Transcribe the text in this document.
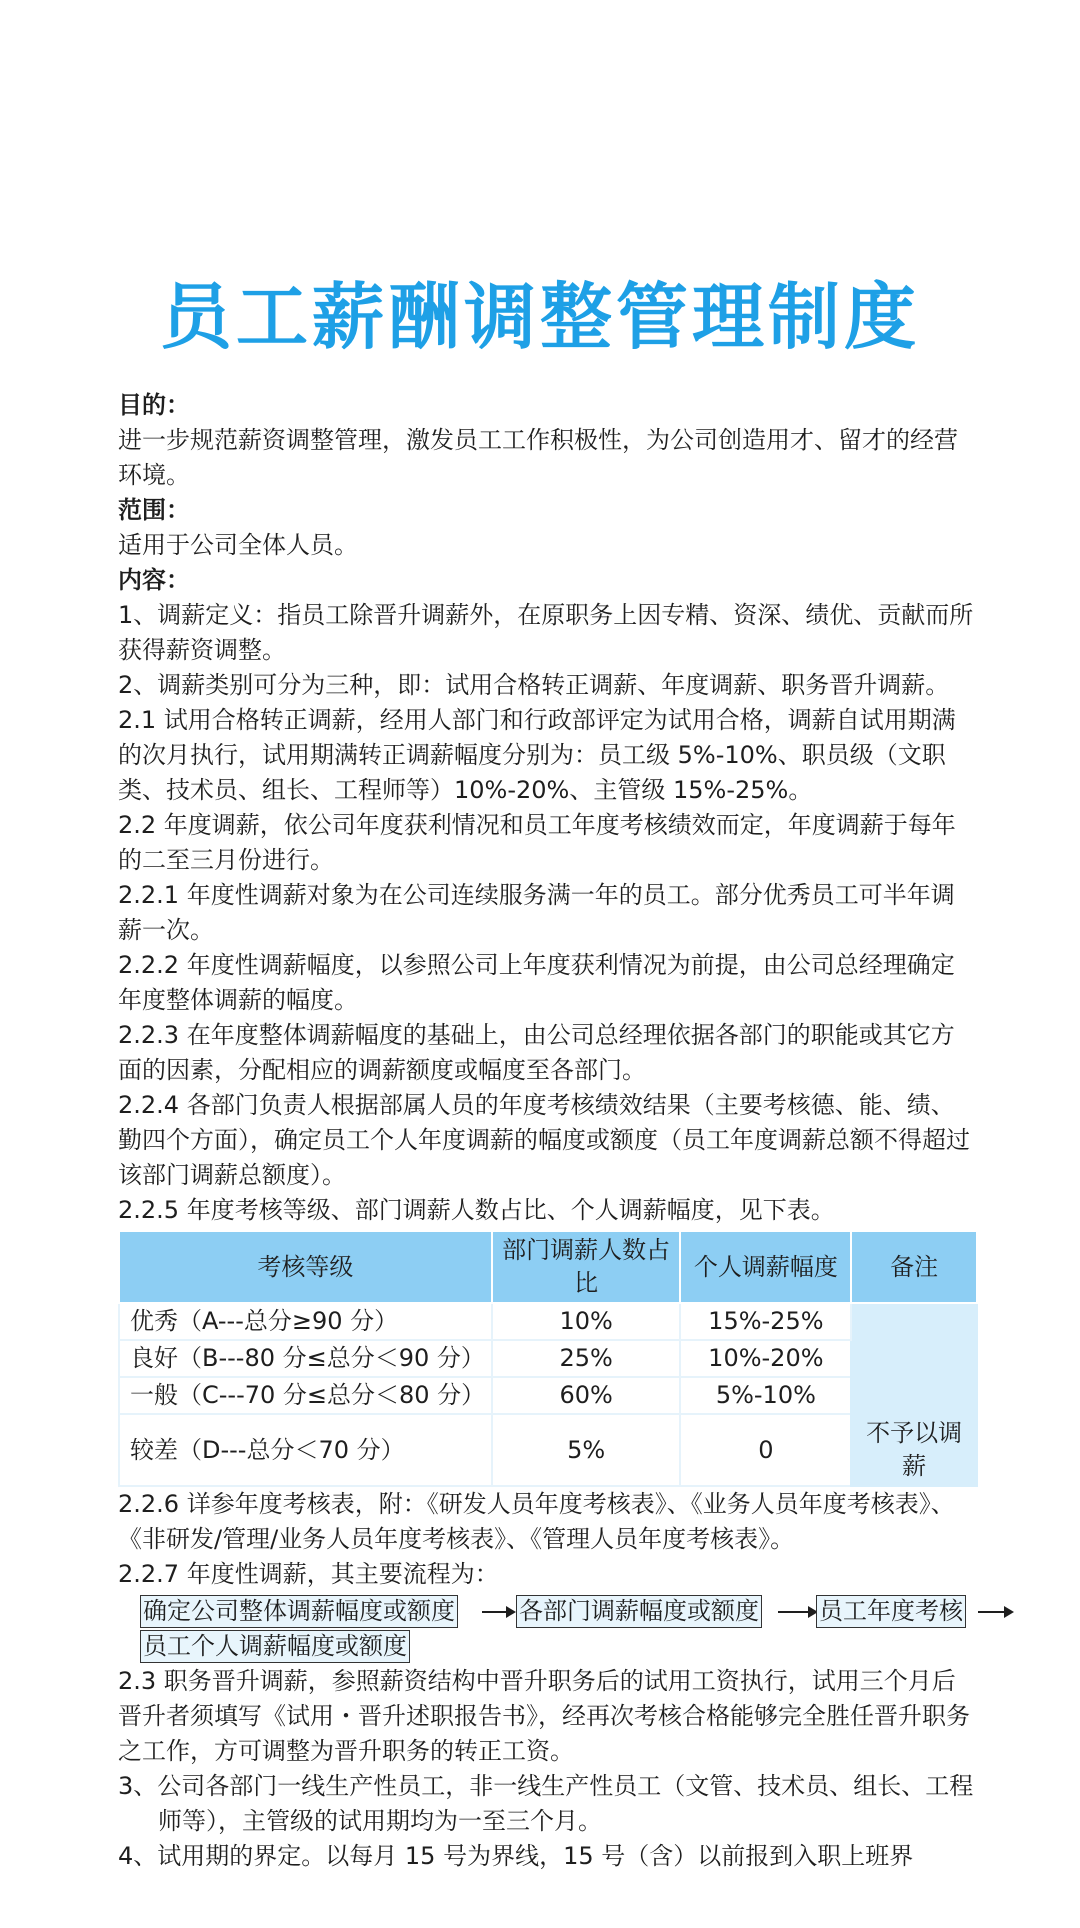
员工薪酬调整管理制度

目的：

进一步规范薪资调整管理，激发员工工作积极性，为公司创造用才、留才的经营环境。

范围：

适用于公司全体人员。

内容：

1、调薪定义：指员工除晋升调薪外，在原职务上因专精、资深、绩优、贡献而所获得薪资调整。

2、调薪类别可分为三种，即：试用合格转正调薪、年度调薪、职务晋升调薪。

2.1 试用合格转正调薪，经用人部门和行政部评定为试用合格，调薪自试用期满的次月执行，试用期满转正调薪幅度分别为：员工级 5%-10%、职员级（文职类、技术员、组长、工程师等）10%-20%、主管级 15%-25%。

2.2 年度调薪，依公司年度获利情况和员工年度考核绩效而定，年度调薪于每年的二至三月份进行。

2.2.1 年度性调薪对象为在公司连续服务满一年的员工。部分优秀员工可半年调薪一次。

2.2.2 年度性调薪幅度，以参照公司上年度获利情况为前提，由公司总经理确定年度整体调薪的幅度。

2.2.3 在年度整体调薪幅度的基础上，由公司总经理依据各部门的职能或其它方面的因素，分配相应的调薪额度或幅度至各部门。

2.2.4 各部门负责人根据部属人员的年度考核绩效结果（主要考核德、能、绩、勤四个方面），确定员工个人年度调薪的幅度或额度（员工年度调薪总额不得超过该部门调薪总额度）。

2.2.5 年度考核等级、部门调薪人数占比、个人调薪幅度，见下表。

考核等级	部门调薪人数占比	个人调薪幅度	备注
优秀（A---总分≥90 分）	10%	15%-25%	不予以调薪
良好（B---80 分≤总分＜90 分）	25%	10%-20%	
一般（C---70 分≤总分＜80 分）	60%	5%-10%	
较差（D---总分＜70 分）	5%	0	

2.2.6 详参年度考核表，附：《研发人员年度考核表》、《业务人员年度考核表》、《非研发/管理/业务人员年度考核表》、《管理人员年度考核表》。

2.2.7 年度性调薪，其主要流程为：

确定公司整体调薪幅度或额度	各部门调薪幅度或额度	员工年度考核
员工个人调薪幅度或额度

2.3 职务晋升调薪，参照薪资结构中晋升职务后的试用工资执行，试用三个月后晋升者须填写《试用・晋升述职报告书》，经再次考核合格能够完全胜任晋升职务之工作，方可调整为晋升职务的转正工资。

3、公司各部门一线生产性员工，非一线生产性员工（文管、技术员、组长、工程师等），主管级的试用期均为一至三个月。

4、试用期的界定。以每月 15 号为界线，15 号（含）以前报到入职上班界
